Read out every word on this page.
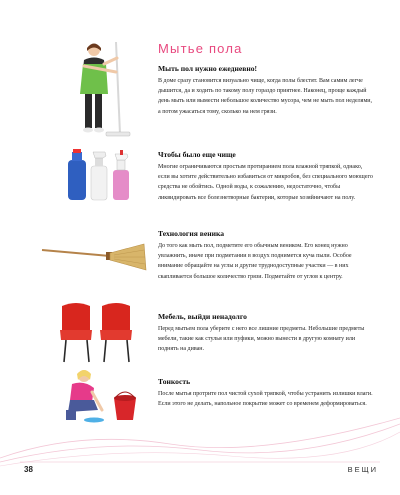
Мытье пола
Мыть пол нужно ежедневно!

В доме сразу становится визуально чище, когда полы блестят. Вам самим легче дышится, да и ходить по такому полу гораздо приятнее. Наконец, проще каждый день мыть или вымести небольшое количество мусора, чем не мыть пол неделями, а потом ужасаться тому, сколько на нем грязи.

Чтобы было еще чище

Многие ограничиваются простым протиранием пола влажной тряпкой, однако, если вы хотите действительно избавиться от микробов, без специального моющего средства не обойтись. Одной воды, к сожалению, недостаточно, чтобы ликвидировать все болезнетворные бактерии, которые хозяйничают на полу.

Технология веника

До того как мыть пол, подметите его обычным веником. Его конец нужно увлажнить, иначе при подметании в воздух поднимется куча пыли. Особое внимание обращайте на углы и другие труднодоступные участки — в них скапливается большое количество грязи. Подметайте от углов к центру.

Мебель, выйди ненадолго

Перед мытьем пола уберите с него все лишние предметы. Небольшие предметы мебели, такие как стулья или пуфики, можно вынести в другую комнату или поднять на диван.

Тонкость

После мытья протрите пол чистой сухой тряпкой, чтобы устранить излишки влаги. Если этого не делать, напольное покрытие может со временем деформироваться.

38	ВЕЩИ
